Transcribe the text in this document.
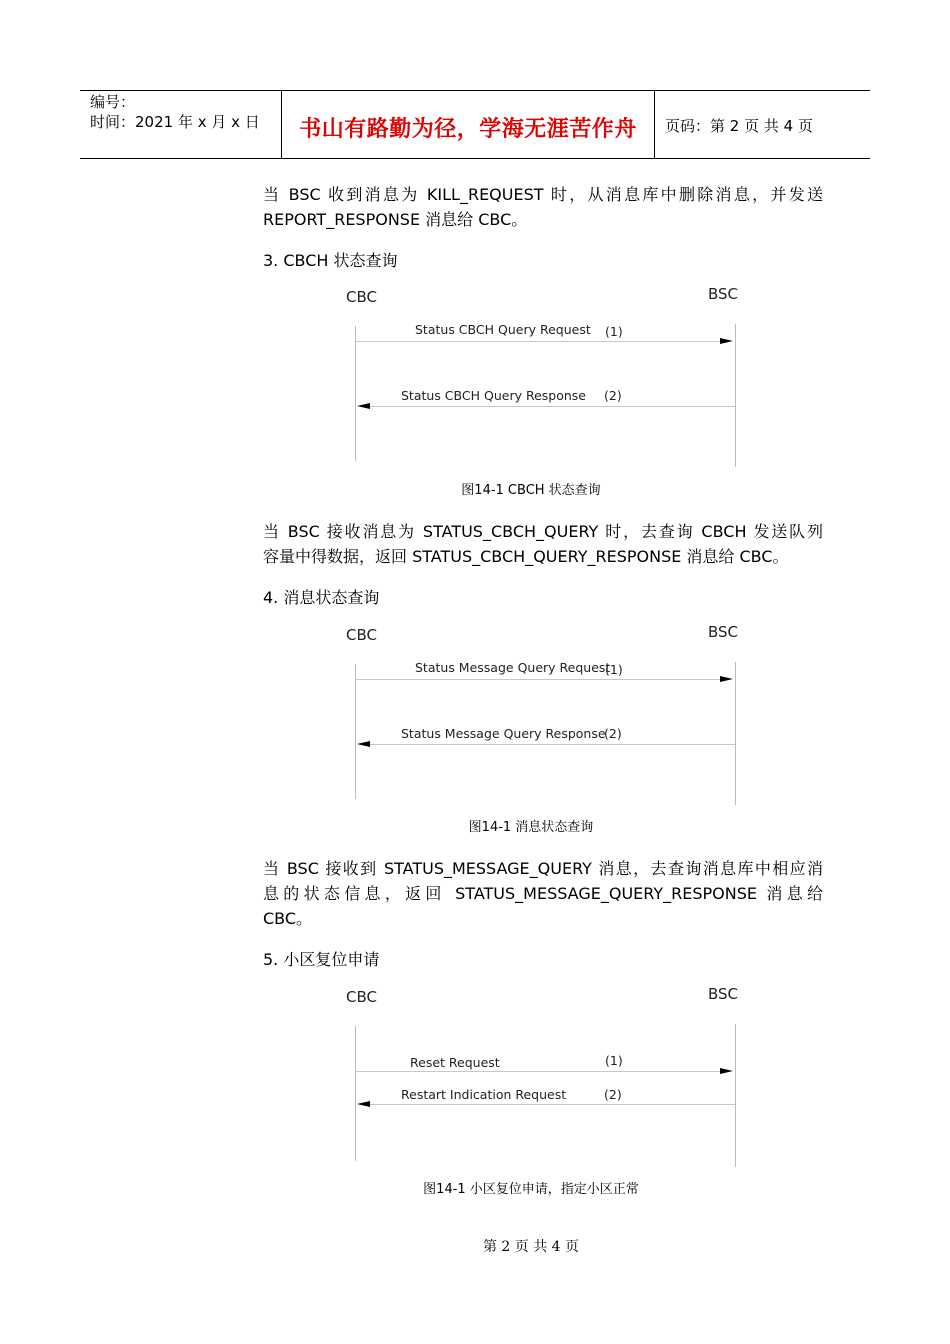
编号：
时间：2021 年 x 月 x 日	书山有路勤为径，学海无涯苦作舟	页码：第 2 页 共 4 页
当 BSC 收到消息为 KILL_REQUEST 时，从消息库中删除消息，并发送
REPORT_RESPONSE 消息给 CBC。
3. CBCH 状态查询
CBC	BSC
Status CBCH Query Request (1)
Status CBCH Query Response (2)
图14-1 CBCH 状态查询
当 BSC 接收消息为 STATUS_CBCH_QUERY 时，去查询 CBCH 发送队列
容量中得数据，返回 STATUS_CBCH_QUERY_RESPONSE 消息给 CBC。
4. 消息状态查询
CBC	BSC
Status Message Query Request
(1)
Status Message Query Response
(2)
图14-1 消息状态查询
当 BSC 接收到 STATUS_MESSAGE_QUERY 消息，去查询消息库中相应消
息的状态信息，返回 STATUS_MESSAGE_QUERY_RESPONSE 消息给
CBC。
5. 小区复位申请
CBC	BSC
Reset Request	(1)
Restart Indication Request	(2)
图14-1 小区复位申请，指定小区正常
第 2 页 共 4 页
